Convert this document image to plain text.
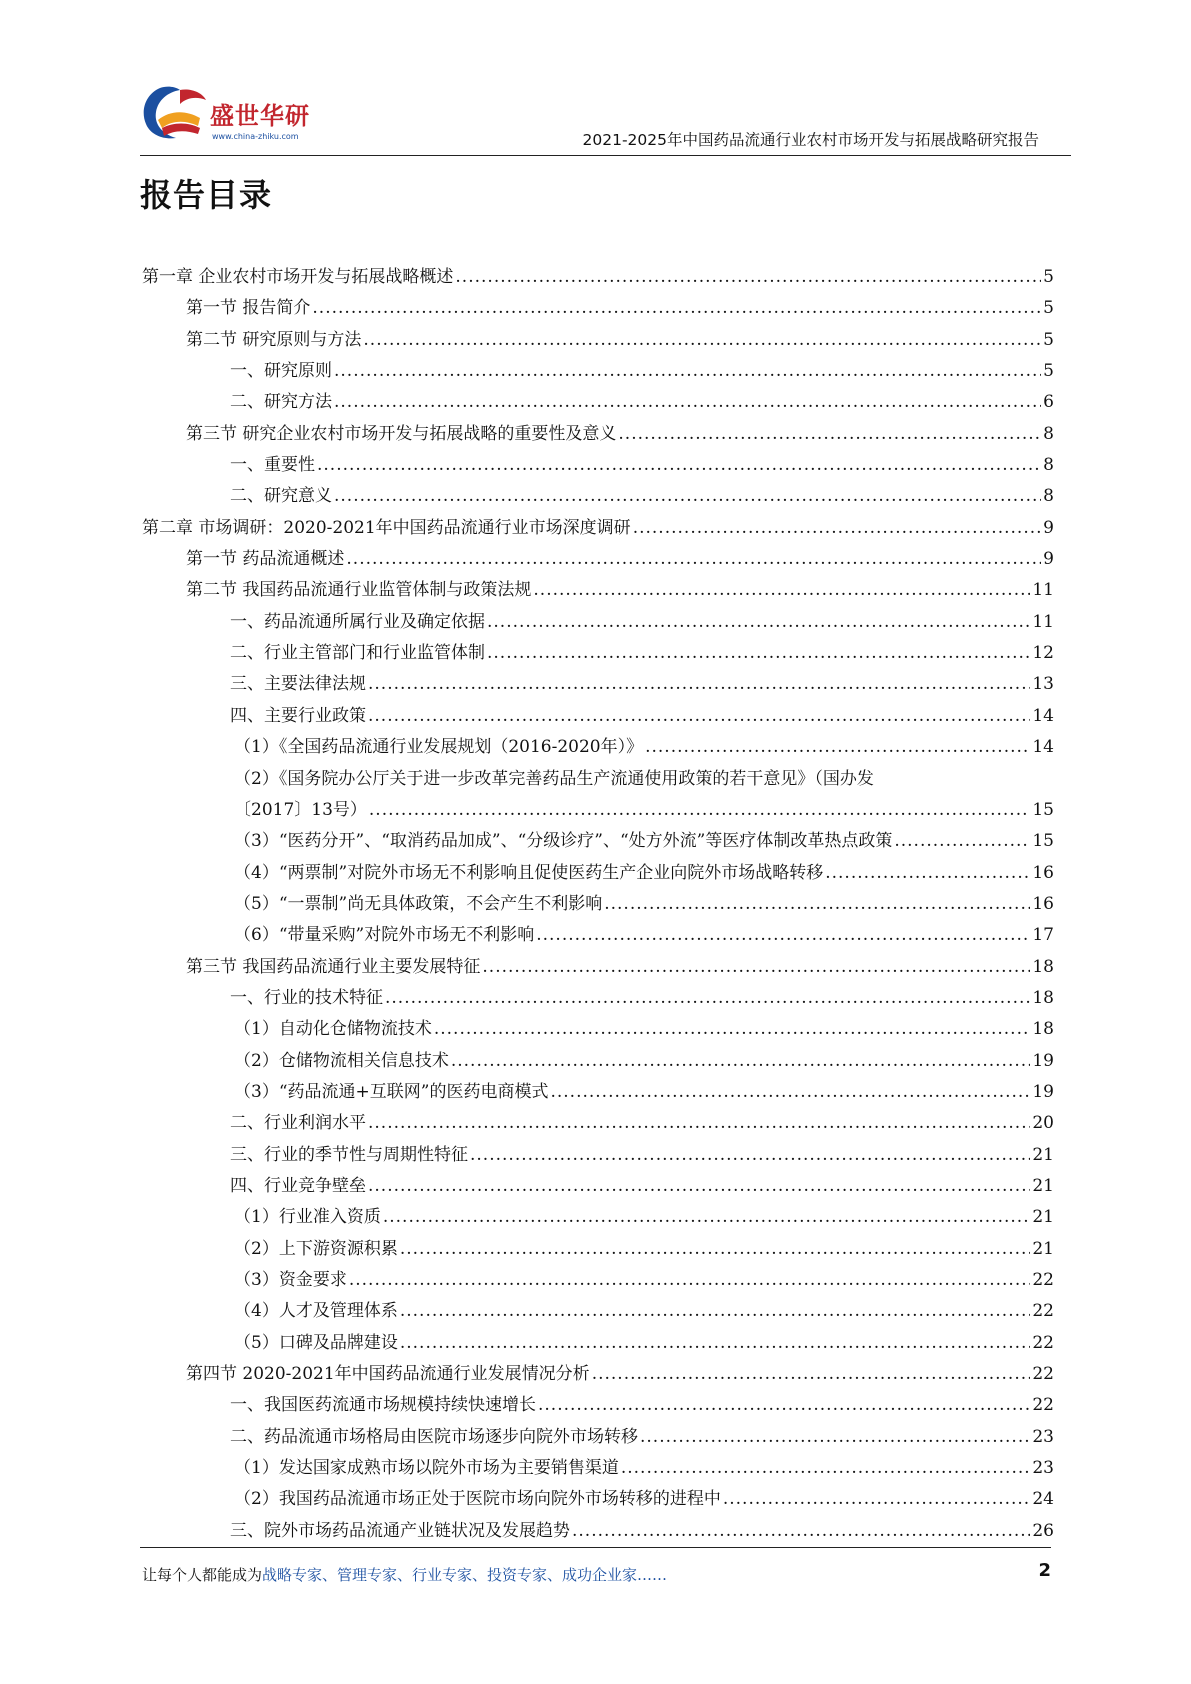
盛世华研
www.china-zhiku.com	2021-2025年中国药品流通行业农村市场开发与拓展战略研究报告
报告目录
第一章 企业农村市场开发与拓展战略概述 .....	5
第一节 报告简介 .....	5
第二节 研究原则与方法 .....	5
一、研究原则 .....	5
二、研究方法 .....	6
第三节 研究企业农村市场开发与拓展战略的重要性及意义 .....	8
一、重要性 .....	8
二、研究意义 .....	8
第二章 市场调研：2020-2021年中国药品流通行业市场深度调研 .....	9
第一节 药品流通概述 .....	9
第二节 我国药品流通行业监管体制与政策法规 .....	11
一、药品流通所属行业及确定依据 .....	11
二、行业主管部门和行业监管体制 .....	12
三、主要法律法规 .....	13
四、主要行业政策 .....	14
（1）《全国药品流通行业发展规划（2016-2020年）》 .....	14
（2）《国务院办公厅关于进一步改革完善药品生产流通使用政策的若干意见》（国办发
〔2017〕13号） .....	15
（3）“医药分开”、“取消药品加成”、“分级诊疗”、“处方外流”等医疗体制改革热点政策 .....	15
（4）“两票制”对院外市场无不利影响且促使医药生产企业向院外市场战略转移 .....	16
（5）“一票制”尚无具体政策，不会产生不利影响 .....	16
（6）“带量采购”对院外市场无不利影响 .....	17
第三节 我国药品流通行业主要发展特征 .....	18
一、行业的技术特征 .....	18
（1）自动化仓储物流技术 .....	18
（2）仓储物流相关信息技术 .....	19
（3）“药品流通+互联网”的医药电商模式 .....	19
二、行业利润水平 .....	20
三、行业的季节性与周期性特征 .....	21
四、行业竞争壁垒 .....	21
（1）行业准入资质 .....	21
（2）上下游资源积累 .....	21
（3）资金要求 .....	22
（4）人才及管理体系 .....	22
（5）口碑及品牌建设 .....	22
第四节 2020-2021年中国药品流通行业发展情况分析 .....	22
一、我国医药流通市场规模持续快速增长 .....	22
二、药品流通市场格局由医院市场逐步向院外市场转移 .....	23
（1）发达国家成熟市场以院外市场为主要销售渠道 .....	23
（2）我国药品流通市场正处于医院市场向院外市场转移的进程中 .....	24
三、院外市场药品流通产业链状况及发展趋势 .....	26
让每个人都能成为战略专家、管理专家、行业专家、投资专家、成功企业家……	2
